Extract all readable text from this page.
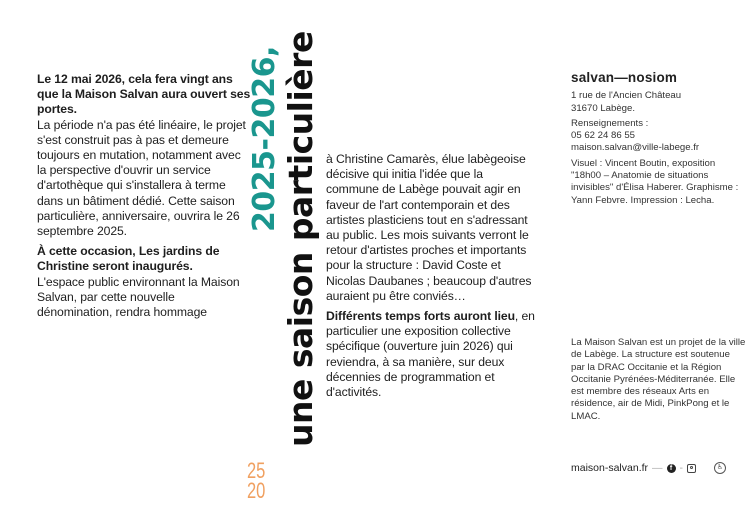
Le 12 mai 2026, cela fera vingt ans que la Maison Salvan aura ouvert ses portes.
La période n'a pas été linéaire, le projet s'est construit pas à pas et demeure toujours en mutation, notamment avec la perspective d'ouvrir un service d'artothèque qui s'installera à terme dans un bâtiment dédié. Cette saison particulière, anniversaire, ouvrira le 26 septembre 2025.

À cette occasion, Les jardins de Christine seront inaugurés.
L'espace public environnant la Maison Salvan, par cette nouvelle dénomination, rendra hommage

2025-2026, une saison particulière
25
20

à Christine Camarès, élue labègeoise décisive qui initia l'idée que la commune de Labège pouvait agir en faveur de l'art contemporain et des artistes plasticiens tout en s'adressant au public. Les mois suivants verront le retour d'artistes proches et importants pour la structure : David Coste et Nicolas Daubanes ; beaucoup d'autres auraient pu être conviés…

Différents temps forts auront lieu, en particulier une exposition collective spécifique (ouverture juin 2026) qui reviendra, à sa manière, sur deux décennies de programmation et d'activités.

salvan—nosiom

1 rue de l'Ancien Château
31670 Labège.

Renseignements :
05 62 24 86 55
maison.salvan@ville-labege.fr

Visuel : Vincent Boutin, exposition "18h00 – Anatomie de situations invisibles" d'Élisa Haberer. Graphisme : Yann Febvre. Impression : Lecha.

La Maison Salvan est un projet de la ville de Labège. La structure est soutenue par la DRAC Occitanie et la Région Occitanie Pyrénées-Méditerranée. Elle est membre des réseaux Arts en résidence, air de Midi, PinkPong et le LMAC.
maison-salvan.fr —	f -	♿
